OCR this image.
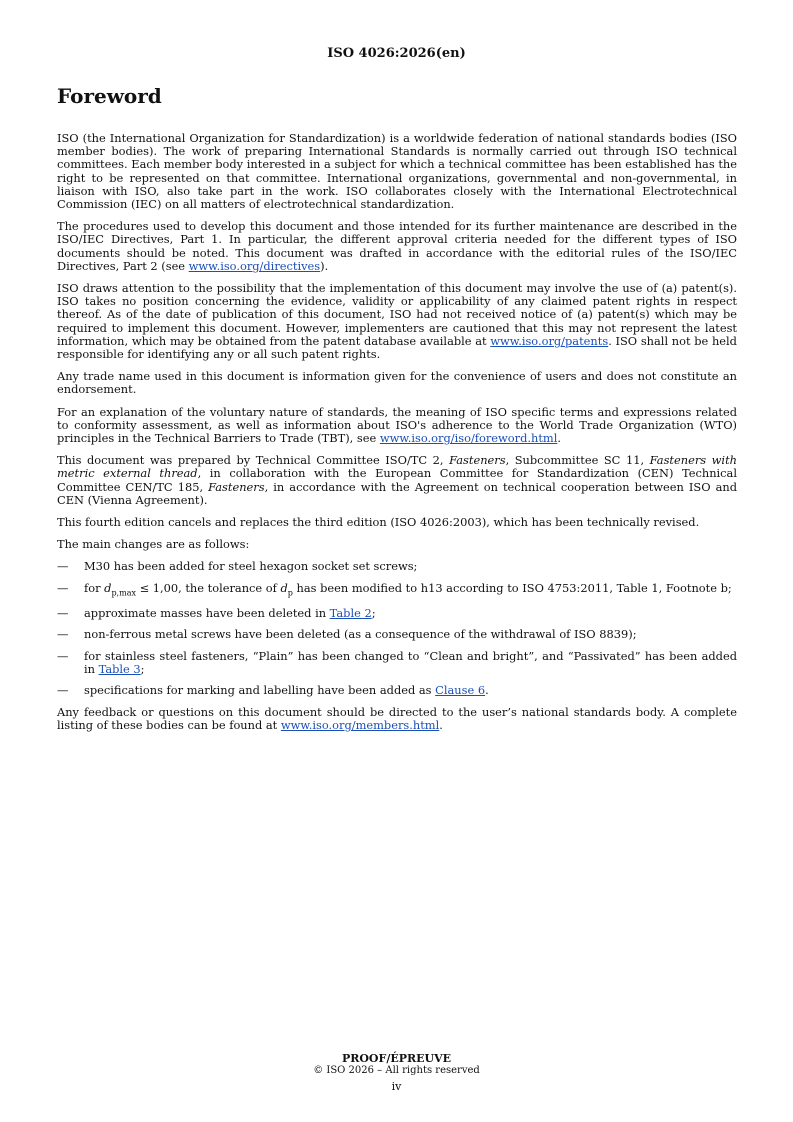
ISO 4026:2026(en)
Foreword

ISO (the International Organization for Standardization) is a worldwide federation of national standards bodies (ISO member bodies). The work of preparing International Standards is normally carried out through ISO technical committees. Each member body interested in a subject for which a technical committee has been established has the right to be represented on that committee. International organizations, governmental and non-governmental, in liaison with ISO, also take part in the work. ISO collaborates closely with the International Electrotechnical Commission (IEC) on all matters of electrotechnical standardization.

The procedures used to develop this document and those intended for its further maintenance are described in the ISO/IEC Directives, Part 1. In particular, the different approval criteria needed for the different types of ISO documents should be noted. This document was drafted in accordance with the editorial rules of the ISO/IEC Directives, Part 2 (see www.iso.org/directives).

ISO draws attention to the possibility that the implementation of this document may involve the use of (a) patent(s). ISO takes no position concerning the evidence, validity or applicability of any claimed patent rights in respect thereof. As of the date of publication of this document, ISO had not received notice of (a) patent(s) which may be required to implement this document. However, implementers are cautioned that this may not represent the latest information, which may be obtained from the patent database available at www.iso.org/patents. ISO shall not be held responsible for identifying any or all such patent rights.

Any trade name used in this document is information given for the convenience of users and does not constitute an endorsement.

For an explanation of the voluntary nature of standards, the meaning of ISO specific terms and expressions related to conformity assessment, as well as information about ISO's adherence to the World Trade Organization (WTO) principles in the Technical Barriers to Trade (TBT), see www.iso.org/iso/foreword.html.

This document was prepared by Technical Committee ISO/TC 2, Fasteners, Subcommittee SC 11, Fasteners with metric external thread, in collaboration with the European Committee for Standardization (CEN) Technical Committee CEN/TC 185, Fasteners, in accordance with the Agreement on technical cooperation between ISO and CEN (Vienna Agreement).

This fourth edition cancels and replaces the third edition (ISO 4026:2003), which has been technically revised.

The main changes are as follows:

— M30 has been added for steel hexagon socket set screws;
— for $d_{p,max} \le 1,00$, the tolerance of $d_p$ has been modified to h13 according to ISO 4753:2011, Table 1, Footnote b;
— approximate masses have been deleted in Table 2;
— non-ferrous metal screws have been deleted (as a consequence of the withdrawal of ISO 8839);
— for stainless steel fasteners, “Plain” has been changed to “Clean and bright”, and “Passivated” has been added in Table 3;
— specifications for marking and labelling have been added as Clause 6.

Any feedback or questions on this document should be directed to the user’s national standards body. A complete listing of these bodies can be found at www.iso.org/members.html.

PROOF/ÉPREUVE
© ISO 2026 – All rights reserved
iv
